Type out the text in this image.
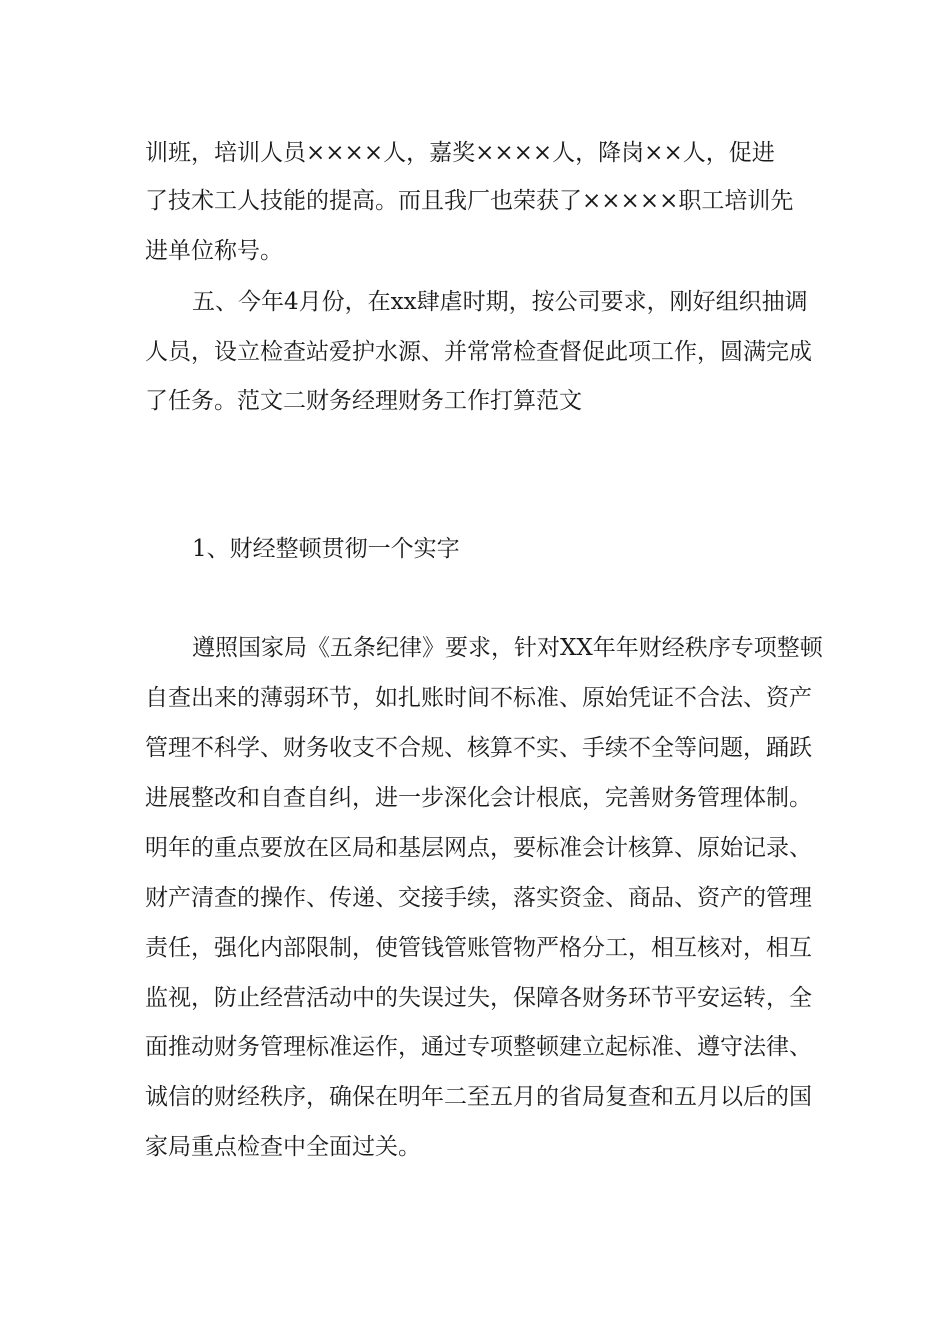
训班，培训人员××××人，嘉奖××××人，降岗××人，促进
了技术工人技能的提高。而且我厂也荣获了×××××职工培训先
进单位称号。
五、今年4月份，在xx肆虐时期，按公司要求，刚好组织抽调
人员，设立检查站爱护水源、并常常检查督促此项工作，圆满完成
了任务。范文二财务经理财务工作打算范文
1、财经整顿贯彻一个实字
遵照国家局《五条纪律》要求，针对XX年年财经秩序专项整顿
自查出来的薄弱环节，如扎账时间不标准、原始凭证不合法、资产
管理不科学、财务收支不合规、核算不实、手续不全等问题，踊跃
进展整改和自查自纠，进一步深化会计根底，完善财务管理体制。
明年的重点要放在区局和基层网点，要标准会计核算、原始记录、
财产清查的操作、传递、交接手续，落实资金、商品、资产的管理
责任，强化内部限制，使管钱管账管物严格分工，相互核对，相互
监视，防止经营活动中的失误过失，保障各财务环节平安运转，全
面推动财务管理标准运作，通过专项整顿建立起标准、遵守法律、
诚信的财经秩序，确保在明年二至五月的省局复查和五月以后的国
家局重点检查中全面过关。
